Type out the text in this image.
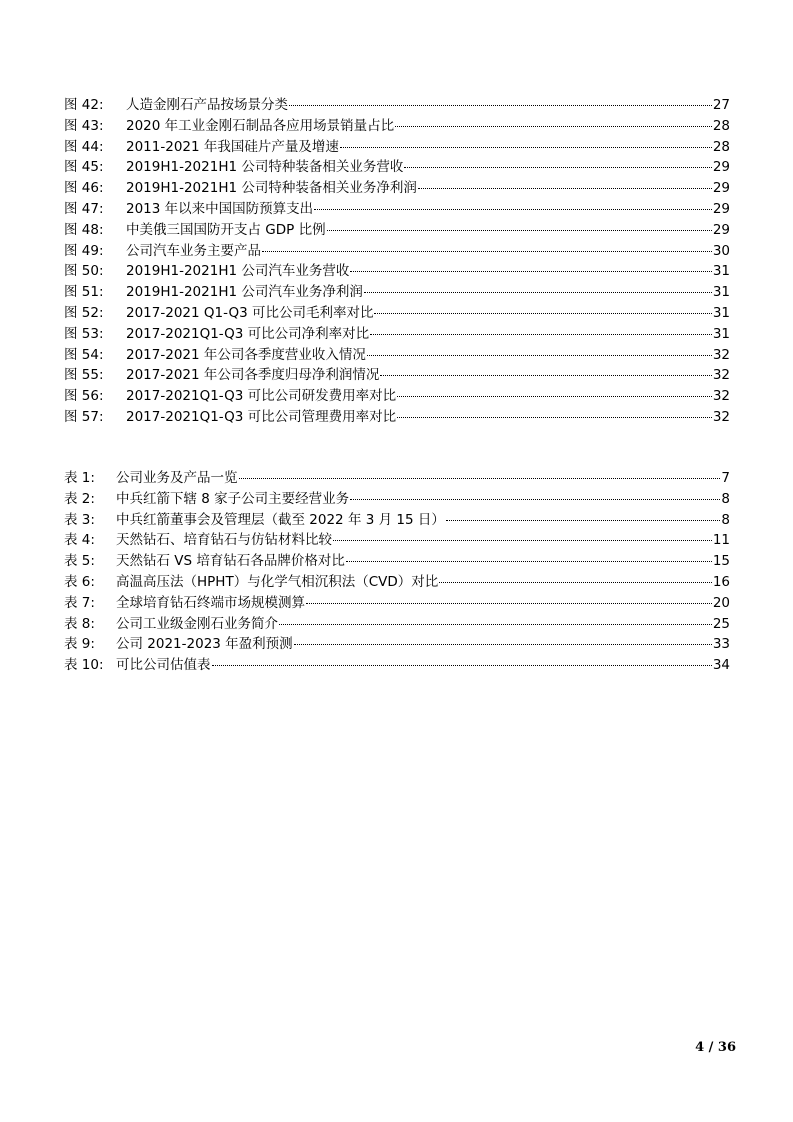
图 42:	人造金刚石产品按场景分类	27
图 43:	2020 年工业金刚石制品各应用场景销量占比	28
图 44:	2011-2021 年我国硅片产量及增速	28
图 45:	2019H1-2021H1 公司特种装备相关业务营收	29
图 46:	2019H1-2021H1 公司特种装备相关业务净利润	29
图 47:	2013 年以来中国国防预算支出	29
图 48:	中美俄三国国防开支占 GDP 比例	29
图 49:	公司汽车业务主要产品	30
图 50:	2019H1-2021H1 公司汽车业务营收	31
图 51:	2019H1-2021H1 公司汽车业务净利润	31
图 52:	2017-2021 Q1-Q3 可比公司毛利率对比	31
图 53:	2017-2021Q1-Q3 可比公司净利率对比	31
图 54:	2017-2021 年公司各季度营业收入情况	32
图 55:	2017-2021 年公司各季度归母净利润情况	32
图 56:	2017-2021Q1-Q3 可比公司研发费用率对比	32
图 57:	2017-2021Q1-Q3 可比公司管理费用率对比	32
表 1:	公司业务及产品一览	7
表 2:	中兵红箭下辖 8 家子公司主要经营业务	8
表 3:	中兵红箭董事会及管理层（截至 2022 年 3 月 15 日）	8
表 4:	天然钻石、培育钻石与仿钻材料比较	11
表 5:	天然钻石 VS 培育钻石各品牌价格对比	15
表 6:	高温高压法（HPHT）与化学气相沉积法（CVD）对比	16
表 7:	全球培育钻石终端市场规模测算	20
表 8:	公司工业级金刚石业务简介	25
表 9:	公司 2021-2023 年盈利预测	33
表 10: 可比公司估值表	34
4 / 36
